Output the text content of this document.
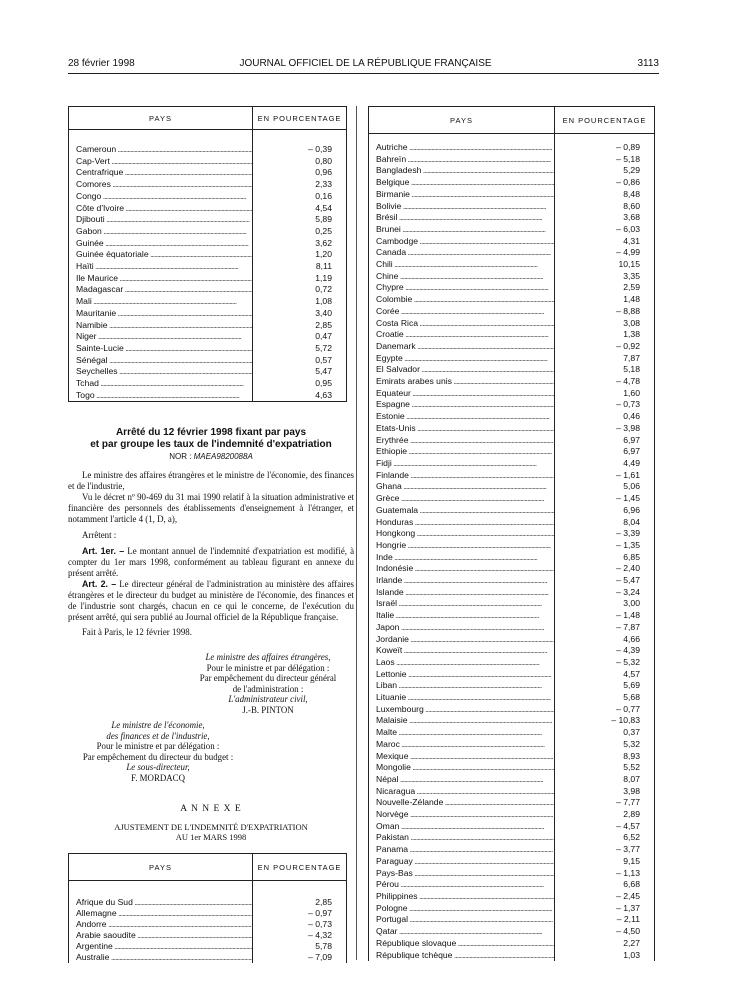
28 février 1998	JOURNAL OFFICIEL DE LA RÉPUBLIQUE FRANÇAISE	3113
PAYS	EN POURCENTAGE

Cameroun .....	– 0,39
Cap-Vert .....	0,80
Centrafrique .....	0,96
Comores .....	2,33
Congo .....	0,16
Côte d'Ivoire .....	4,54
Djibouti .....	5,89
Gabon .....	0,25
Guinée .....	3,62
Guinée équatoriale .....	1,20
Haïti .....	8,11
Ile Maurice .....	1,19
Madagascar .....	0,72
Mali .....	1,08
Mauritanie .....	3,40
Namibie .....	2,85
Niger .....	0,47
Sainte-Lucie .....	5,72
Sénégal .....	0,57
Seychelles .....	5,47
Tchad .....	0,95
Togo .....	4,63
Arrêté du 12 février 1998 fixant par pays
et par groupe les taux de l'indemnité d'expatriation
NOR : MAEA9820088A

Le ministre des affaires étrangères et le ministre de l'économie, des finances et de l'industrie,

Vu le décret nº 90-469 du 31 mai 1990 relatif à la situation administrative et financière des personnels des établissements d'enseignement à l'étranger, et notamment l'article 4 (1, D, a),

Arrêtent :

Art. 1er. – Le montant annuel de l'indemnité d'expatriation est modifié, à compter du 1er mars 1998, conformément au tableau figurant en annexe du présent arrêté.

Art. 2. – Le directeur général de l'administration au ministère des affaires étrangères et le directeur du budget au ministère de l'économie, des finances et de l'industrie sont chargés, chacun en ce qui le concerne, de l'exécution du présent arrêté, qui sera publié au Journal officiel de la République française.

Fait à Paris, le 12 février 1998.

Le ministre des affaires étrangères,
Pour le ministre et par délégation :
Par empêchement du directeur général
de l'administration :
L'administrateur civil,
J.-B. PINTON
Le ministre de l'économie,
des finances et de l'industrie,
Pour le ministre et par délégation :
Par empêchement du directeur du budget :
Le sous-directeur,
F. MORDACQ
A N N E X E
AJUSTEMENT DE L'INDEMNITÉ D'EXPATRIATION
AU 1er MARS 1998
PAYS	EN POURCENTAGE

Afrique du Sud .....	2,85
Allemagne .....	– 0,97
Andorre .....	– 0,73
Arabie saoudite .....	– 4,32
Argentine .....	5,78
Australie .....	– 7,09
PAYS	EN POURCENTAGE

Autriche .....	– 0,89
Bahreïn .....	– 5,18
Bangladesh .....	5,29
Belgique .....	– 0,86
Birmanie .....	8,48
Bolivie .....	8,60
Brésil .....	3,68
Brunei .....	– 6,03
Cambodge .....	4,31
Canada .....	– 4,99
Chili .....	10,15
Chine .....	3,35
Chypre .....	2,59
Colombie .....	1,48
Corée .....	– 8,88
Costa Rica .....	3,08
Croatie .....	1,38
Danemark .....	– 0,92
Egypte .....	7,87
El Salvador .....	5,18
Emirats arabes unis .....	– 4,78
Equateur .....	1,60
Espagne .....	– 0,73
Estonie .....	0,46
Etats-Unis .....	– 3,98
Erythrée .....	6,97
Ethiopie .....	6,97
Fidji .....	4,49
Finlande .....	– 1,61
Ghana .....	5,06
Grèce .....	– 1,45
Guatemala .....	6,96
Honduras .....	8,04
Hongkong .....	– 3,39
Hongrie .....	– 1,35
Inde .....	6,85
Indonésie .....	– 2,40
Irlande .....	– 5,47
Islande .....	– 3,24
Israël .....	3,00
Italie .....	– 1,48
Japon .....	– 7,87
Jordanie .....	4,66
Koweït .....	– 4,39
Laos .....	– 5,32
Lettonie .....	4,57
Liban .....	5,69
Lituanie .....	5,68
Luxembourg .....	– 0,77
Malaisie .....	– 10,83
Malte .....	0,37
Maroc .....	5,32
Mexique .....	8,93
Mongolie .....	5,52
Népal .....	8,07
Nicaragua .....	3,98
Nouvelle-Zélande .....	– 7,77
Norvège .....	2,89
Oman .....	– 4,57
Pakistan .....	6,52
Panama .....	– 3,77
Paraguay .....	9,15
Pays-Bas .....	– 1,13
Pérou .....	6,68
Philippines .....	– 2,45
Pologne .....	– 1,37
Portugal .....	– 2,11
Qatar .....	– 4,50
République slovaque .....	2,27
République tchèque .....	1,03
